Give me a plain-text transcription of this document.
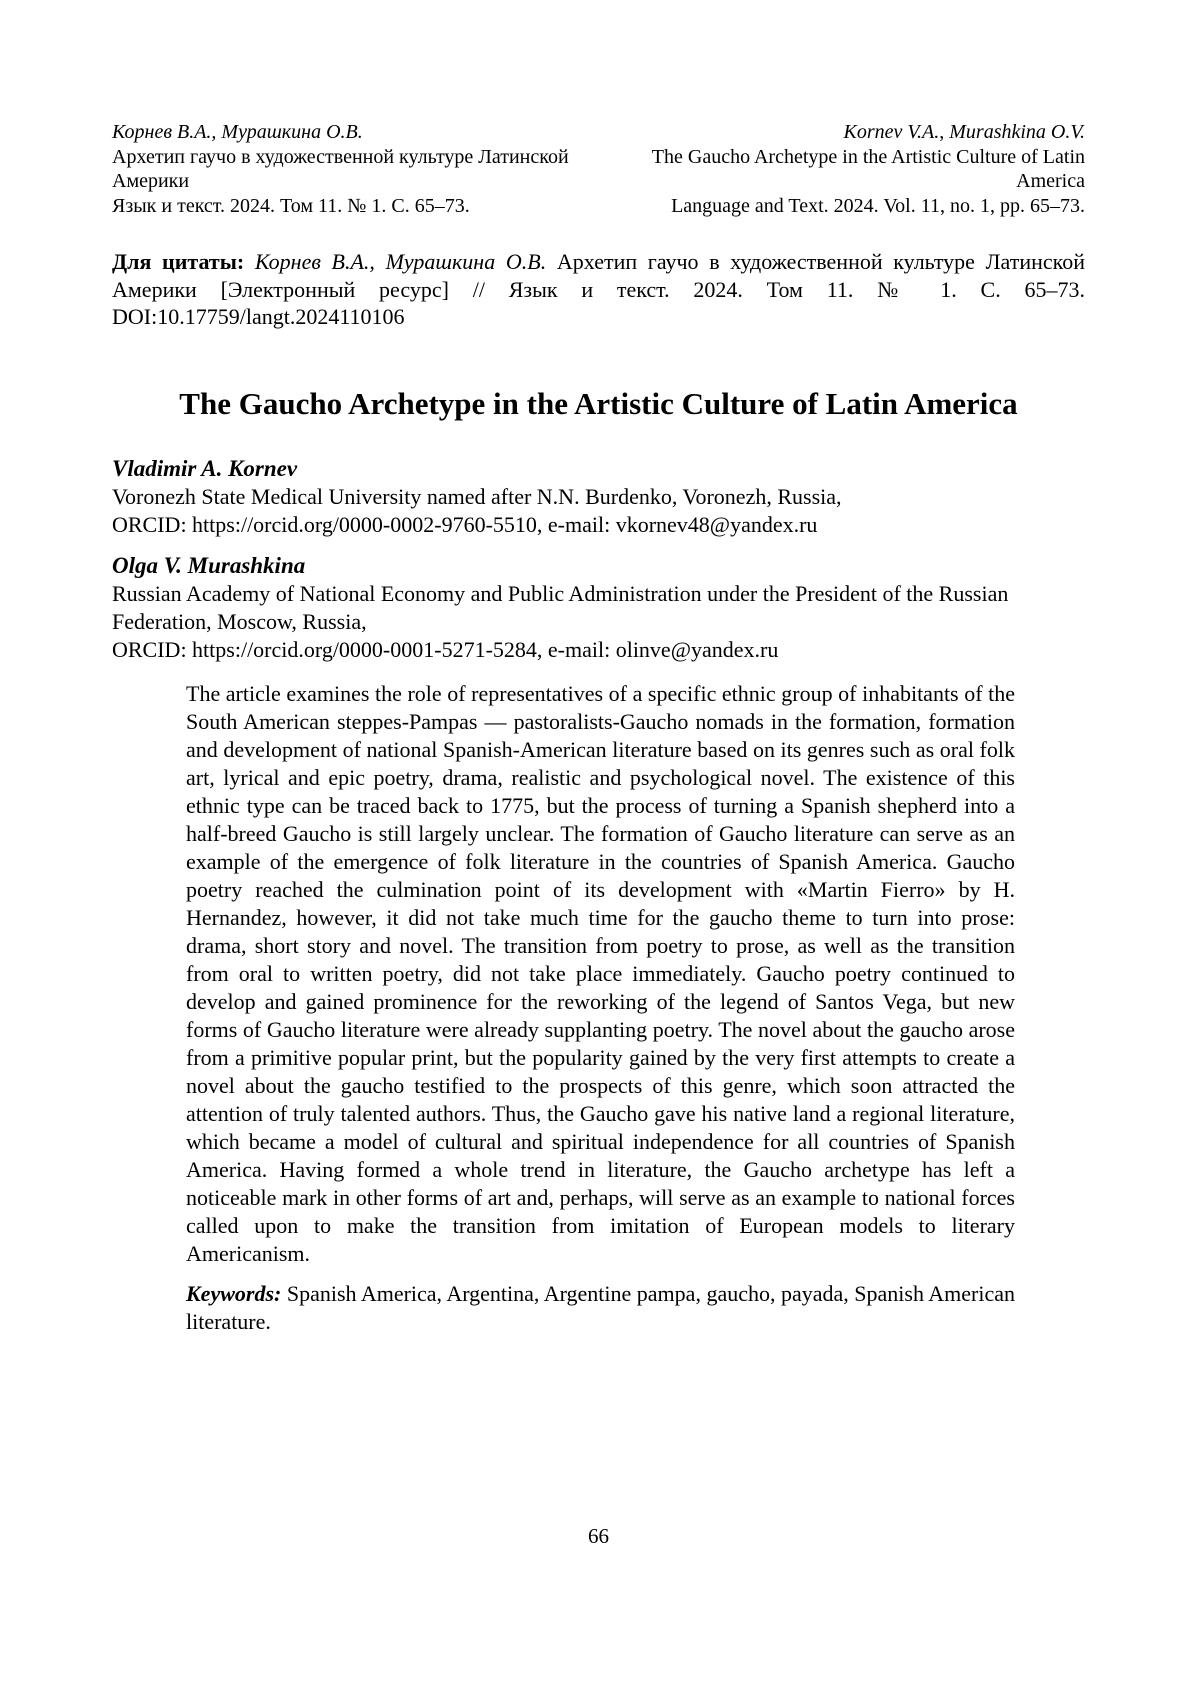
Корнев В.А., Мурашкина О.В.
Архетип гаучо в художественной культуре Латинской Америки
Язык и текст. 2024. Том 11. № 1. С. 65–73.
Kornev V.A., Murashkina O.V.
The Gaucho Archetype in the Artistic Culture of Latin America
Language and Text. 2024. Vol. 11, no. 1, pp. 65–73.

Для цитаты: Корнев В.А., Мурашкина О.В. Архетип гаучо в художественной культуре Латинской Америки [Электронный ресурс] // Язык и текст. 2024. Том 11. № 1. С. 65–73. DOI:10.17759/langt.2024110106

The Gaucho Archetype in the Artistic Culture of Latin America
Vladimir A. Kornev

Voronezh State Medical University named after N.N. Burdenko, Voronezh, Russia,

ORCID: https://orcid.org/0000-0002-9760-5510, e-mail: vkornev48@yandex.ru

Olga V. Murashkina

Russian Academy of National Economy and Public Administration under the President of the Russian Federation, Moscow, Russia,

ORCID: https://orcid.org/0000-0001-5271-5284, e-mail: olinve@yandex.ru

The article examines the role of representatives of a specific ethnic group of inhabitants of the South American steppes-Pampas — pastoralists-Gaucho nomads in the formation, formation and development of national Spanish-American literature based on its genres such as oral folk art, lyrical and epic poetry, drama, realistic and psychological novel. The existence of this ethnic type can be traced back to 1775, but the process of turning a Spanish shepherd into a half-breed Gaucho is still largely unclear. The formation of Gaucho literature can serve as an example of the emergence of folk literature in the countries of Spanish America. Gaucho poetry reached the culmination point of its development with «Martin Fierro» by H. Hernandez, however, it did not take much time for the gaucho theme to turn into prose: drama, short story and novel. The transition from poetry to prose, as well as the transition from oral to written poetry, did not take place immediately. Gaucho poetry continued to develop and gained prominence for the reworking of the legend of Santos Vega, but new forms of Gaucho literature were already supplanting poetry. The novel about the gaucho arose from a primitive popular print, but the popularity gained by the very first attempts to create a novel about the gaucho testified to the prospects of this genre, which soon attracted the attention of truly talented authors. Thus, the Gaucho gave his native land a regional literature, which became a model of cultural and spiritual independence for all countries of Spanish America. Having formed a whole trend in literature, the Gaucho archetype has left a noticeable mark in other forms of art and, perhaps, will serve as an example to national forces called upon to make the transition from imitation of European models to literary Americanism.

Keywords: Spanish America, Argentina, Argentine pampa, gaucho, payada, Spanish American literature.

66
